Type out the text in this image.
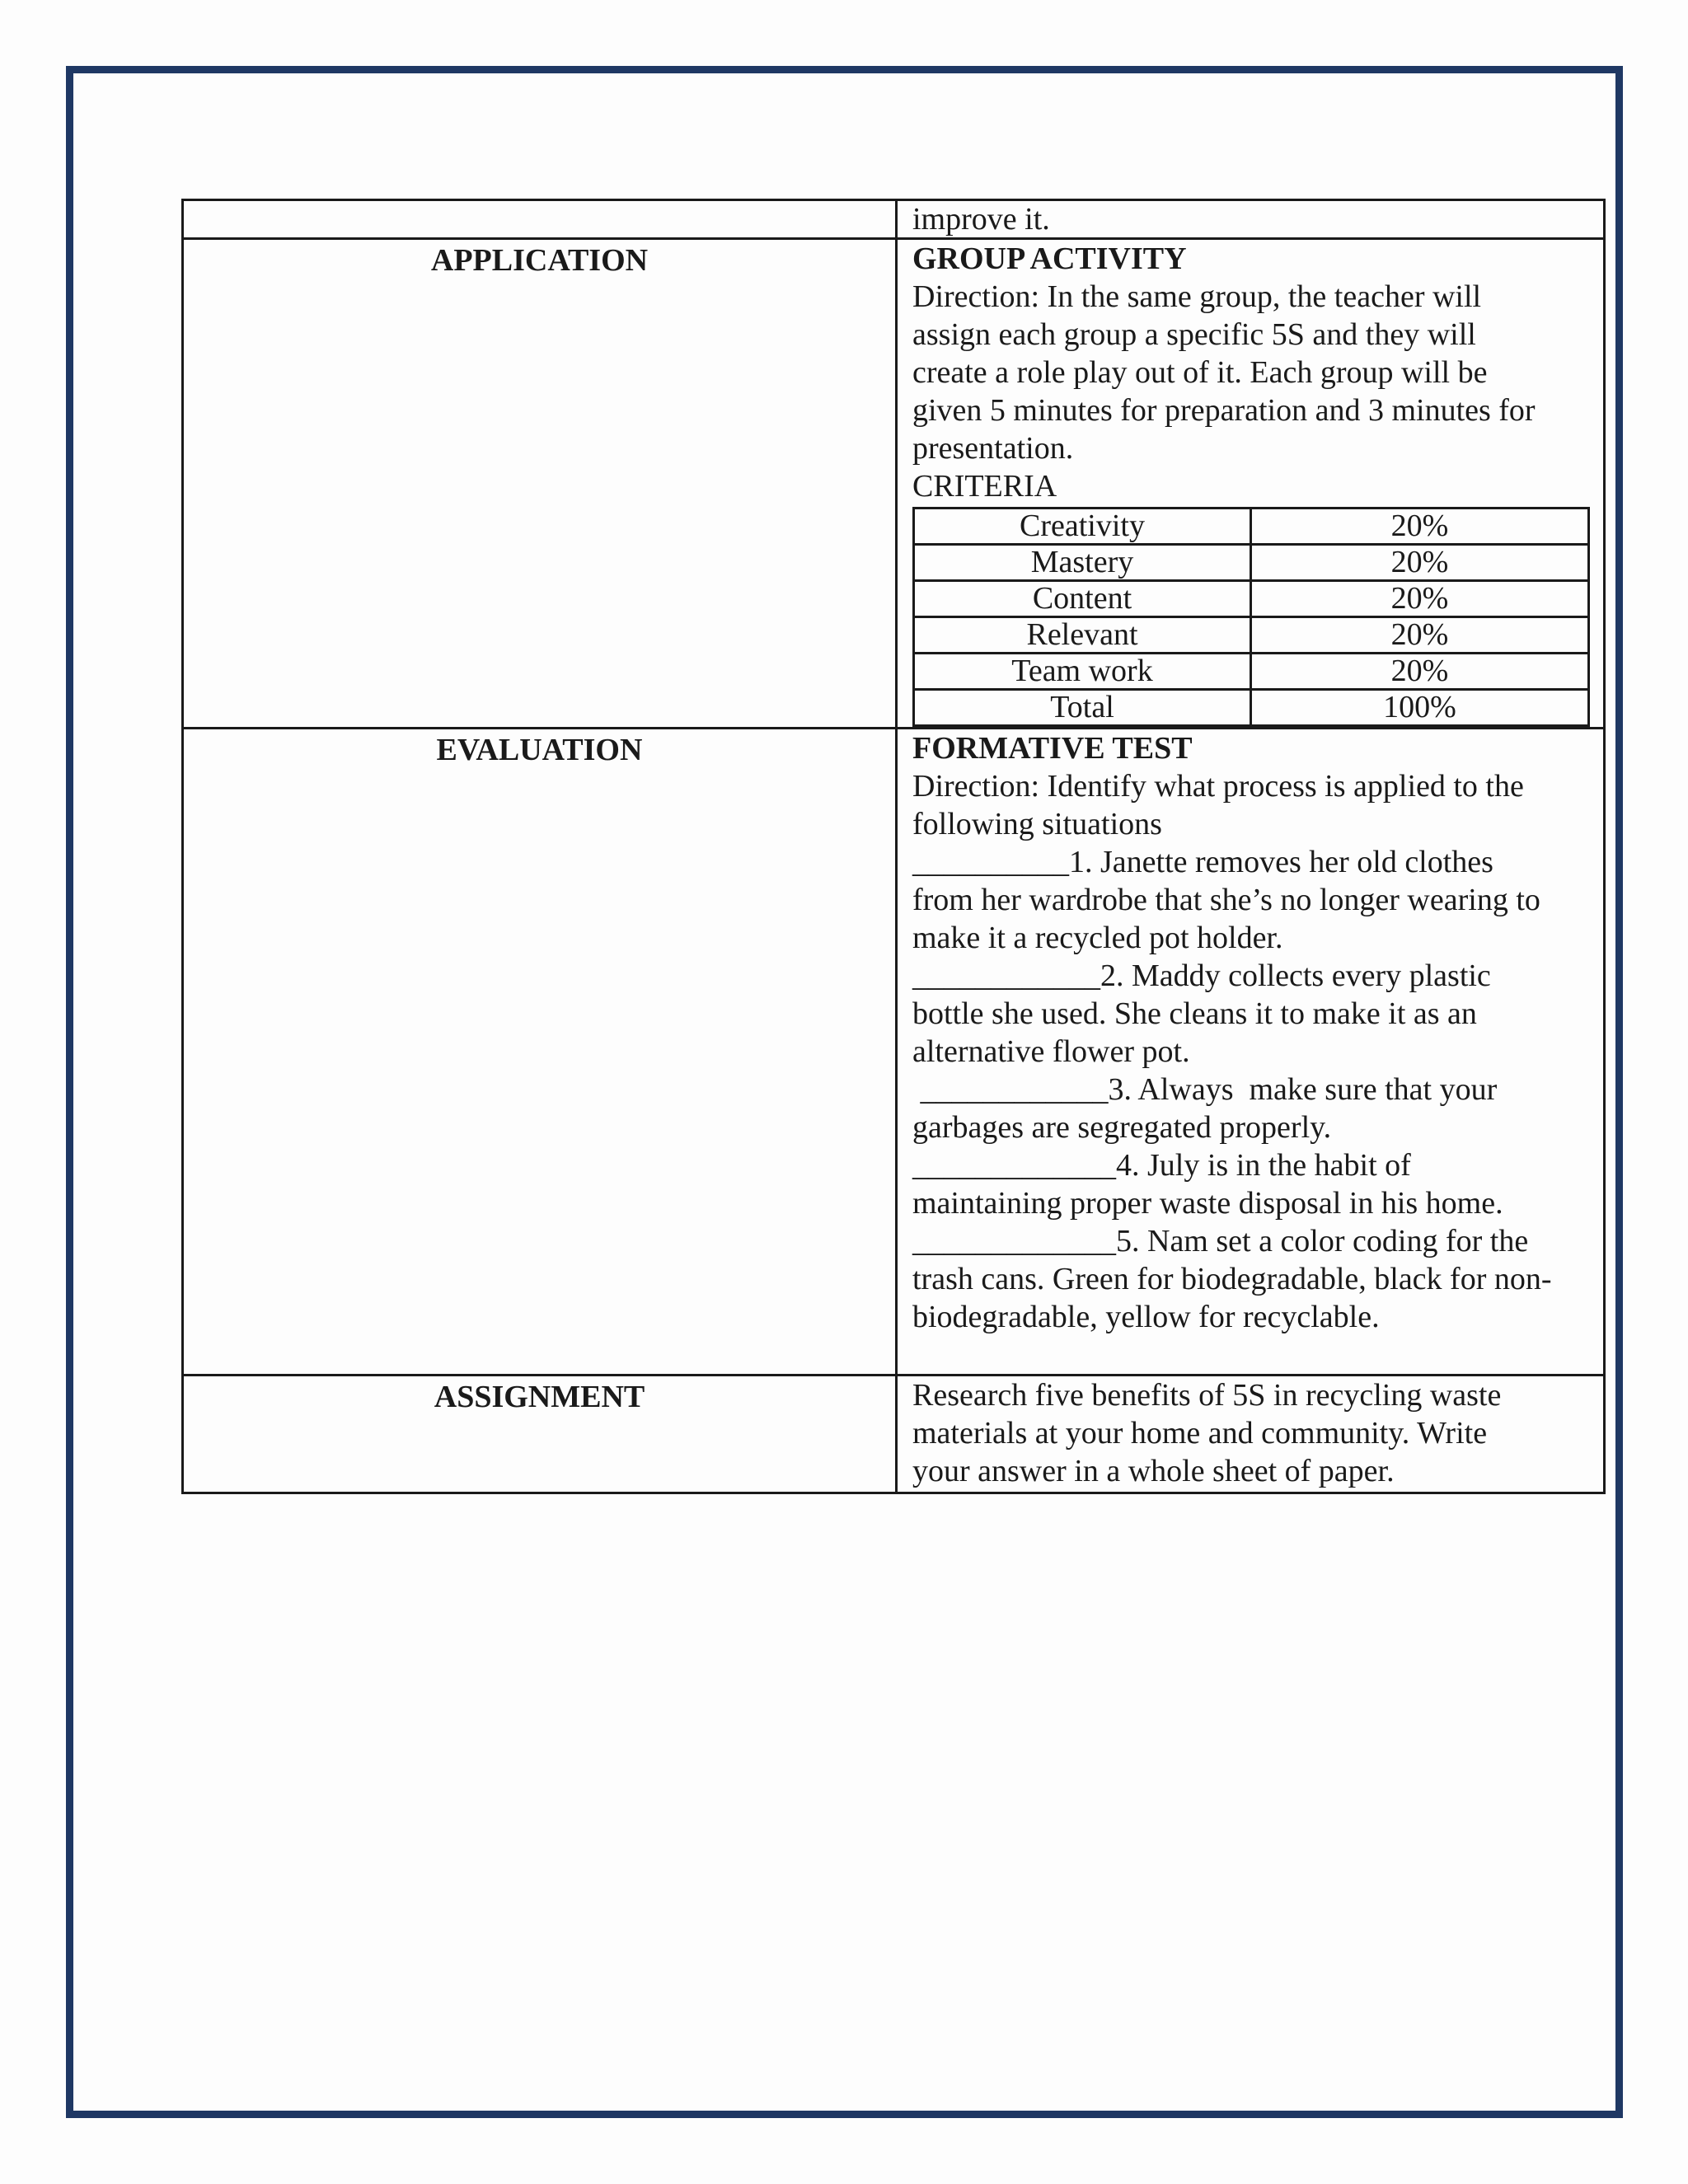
improve it.

APPLICATION	GROUP ACTIVITY

Direction: In the same group, the teacher will

assign each group a specific 5S and they will

create a role play out of it. Each group will be

given 5 minutes for preparation and 3 minutes for

presentation.

CRITERIA

Creativity	20%
Mastery	20%
Content	20%
Relevant	20%
Team work	20%
Total	100%

EVALUATION	FORMATIVE TEST

Direction: Identify what process is applied to the

following situations

__________1. Janette removes her old clothes

from her wardrobe that she’s no longer wearing to

make it a recycled pot holder.

____________2. Maddy collects every plastic

bottle she used. She cleans it to make it as an

alternative flower pot.

____________3. Always  make sure that your

garbages are segregated properly.

_____________4. July is in the habit of

maintaining proper waste disposal in his home.

_____________5. Nam set a color coding for the

trash cans. Green for biodegradable, black for non-

biodegradable, yellow for recyclable.

ASSIGNMENT	Research five benefits of 5S in recycling waste

materials at your home and community. Write

your answer in a whole sheet of paper.
